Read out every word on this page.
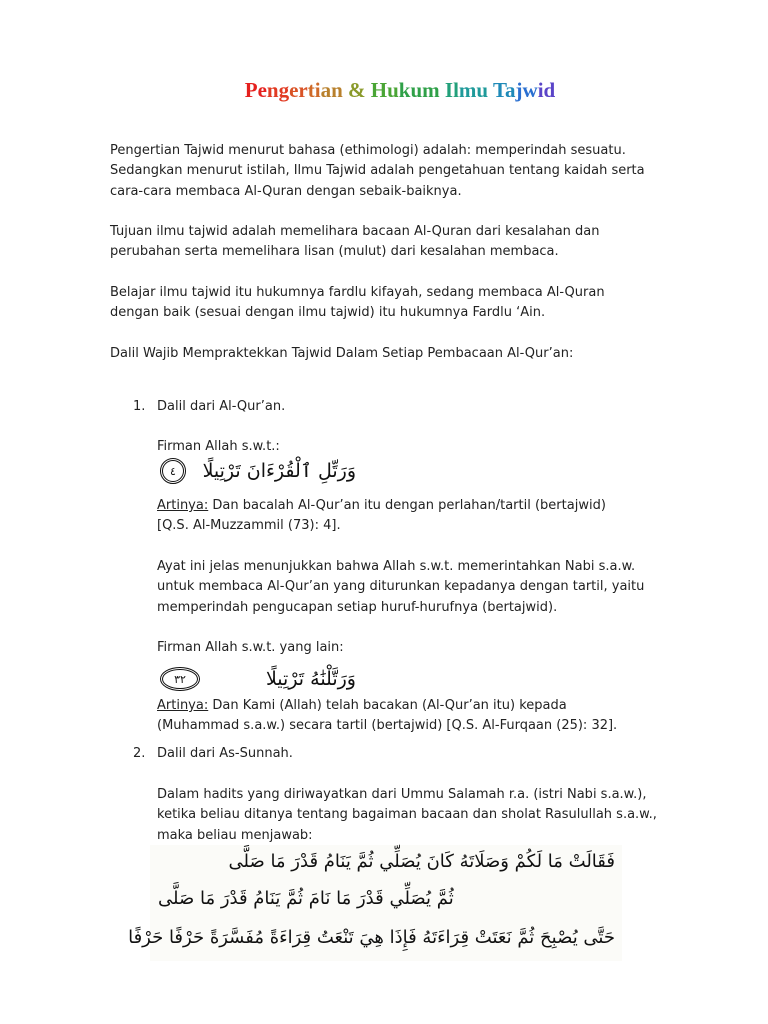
Pengertian & Hukum Ilmu Tajwid
Pengertian Tajwid menurut bahasa (ethimologi) adalah: memperindah sesuatu.
Sedangkan menurut istilah, Ilmu Tajwid adalah pengetahuan tentang kaidah serta
cara-cara membaca Al-Quran dengan sebaik-baiknya.
Tujuan ilmu tajwid adalah memelihara bacaan Al-Quran dari kesalahan dan
perubahan serta memelihara lisan (mulut) dari kesalahan membaca.
Belajar ilmu tajwid itu hukumnya fardlu kifayah, sedang membaca Al-Quran
dengan baik (sesuai dengan ilmu tajwid) itu hukumnya Fardlu ‘Ain.
Dalil Wajib Mempraktekkan Tajwid Dalam Setiap Pembacaan Al-Qur’an:
1. Dalil dari Al-Qur’an.
Firman Allah s.w.t.:
وَرَتِّلِ ٱلْقُرْءَانَ تَرْتِيلًا
٤
Artinya: Dan bacalah Al-Qur’an itu dengan perlahan/tartil (bertajwid)
[Q.S. Al-Muzzammil (73): 4].
Ayat ini jelas menunjukkan bahwa Allah s.w.t. memerintahkan Nabi s.a.w.
untuk membaca Al-Qur’an yang diturunkan kepadanya dengan tartil, yaitu
memperindah pengucapan setiap huruf-hurufnya (bertajwid).
Firman Allah s.w.t. yang lain:
وَرَتَّلْنَٰهُ تَرْتِيلًا
٣٢
Artinya: Dan Kami (Allah) telah bacakan (Al-Qur’an itu) kepada
(Muhammad s.a.w.) secara tartil (bertajwid) [Q.S. Al-Furqaan (25): 32].
2. Dalil dari As-Sunnah.
Dalam hadits yang diriwayatkan dari Ummu Salamah r.a. (istri Nabi s.a.w.),
ketika beliau ditanya tentang bagaiman bacaan dan sholat Rasulullah s.a.w.,
maka beliau menjawab:
فَقَالَتْ مَا لَكُمْ وَصَلَاتَهُ كَانَ يُصَلِّي ثُمَّ يَنَامُ قَدْرَ مَا صَلَّى
ثُمَّ يُصَلِّي قَدْرَ مَا نَامَ ثُمَّ يَنَامُ قَدْرَ مَا صَلَّى
حَتَّى يُصْبِحَ ثُمَّ نَعَتَتْ قِرَاءَتَهُ فَإِذَا هِيَ تَنْعَتُ قِرَاءَةً مُفَسَّرَةً حَرْفًا حَرْفًا
